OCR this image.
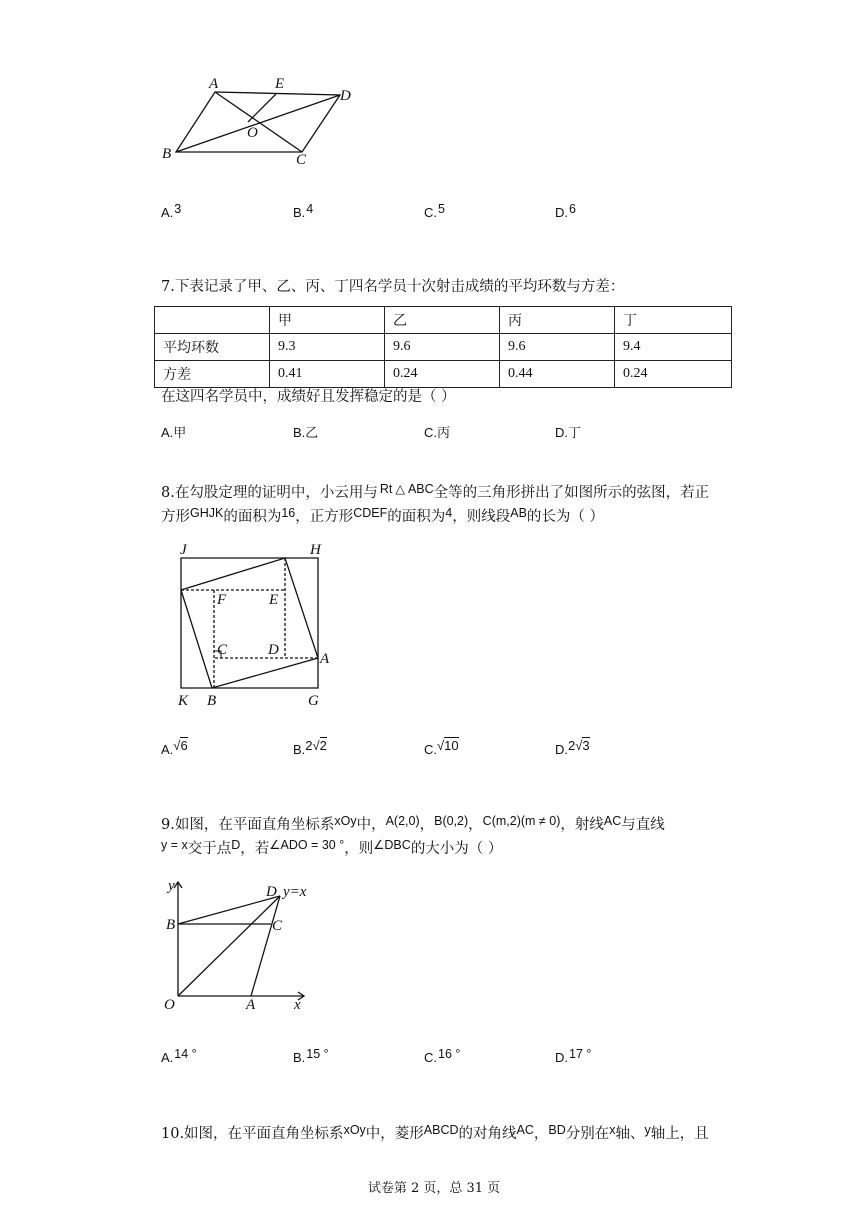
A	E
D
O
B	C
A.3	B.4	C.5	D.6
7.下表记录了甲、乙、丙、丁四名学员十次射击成绩的平均环数与方差：
	甲	乙	丙	丁
平均环数	9.3	9.6	9.6	9.4
方差	0.41	0.24	0.44	0.24
在这四名学员中，成绩好且发挥稳定的是（ ）
A.甲	B.乙	C.丙	D.丁
8.在勾股定理的证明中，小云用与 Rt △ ABC全等的三角形拼出了如图所示的弦图，若正
方形GHJK的面积为16，正方形CDEF的面积为4，则线段AB的长为（ ）
J	H
F	E
C	D
A
K B	G
A.√6	B.2√2	C.√10	D.2√3
9.如图，在平面直角坐标系xOy中，A(2,0)，B(0,2)，C(m,2)(m ≠ 0)，射线AC与直线
y = x交于点D，若∠ADO = 30 °，则∠DBC的大小为（ ）
y	D y=x
B	C
O	A	x
A.14 °	B.15 °	C.16 °	D.17 °
10.如图，在平面直角坐标系xOy中，菱形ABCD的对角线AC，BD分别在x轴、y轴上，且
试卷第 2 页，总 31 页
